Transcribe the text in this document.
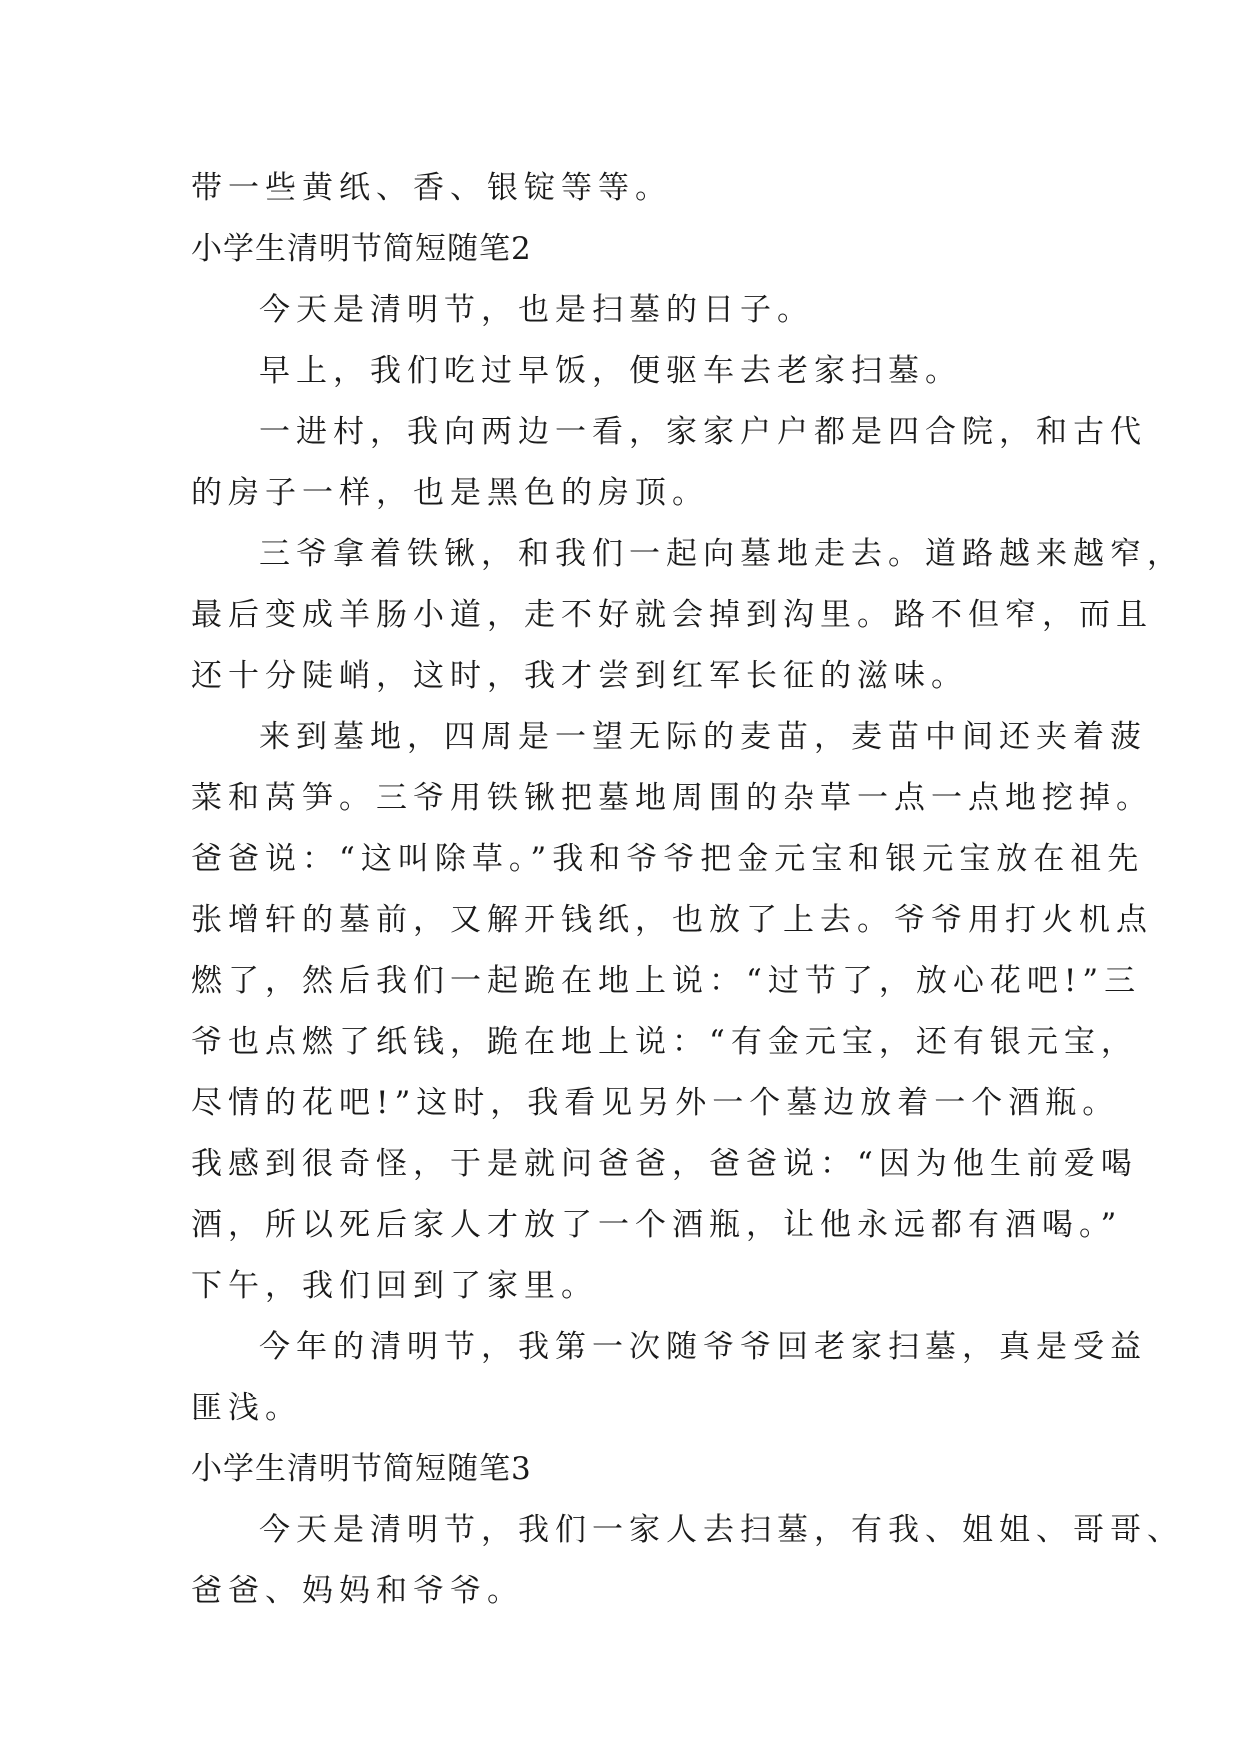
带一些黄纸、香、银锭等等。
小学生清明节简短随笔2
今天是清明节，也是扫墓的日子。
早上，我们吃过早饭，便驱车去老家扫墓。
一进村，我向两边一看，家家户户都是四合院，和古代
的房子一样，也是黑色的房顶。
三爷拿着铁锹，和我们一起向墓地走去。道路越来越窄，
最后变成羊肠小道，走不好就会掉到沟里。路不但窄，而且
还十分陡峭，这时，我才尝到红军长征的滋味。
来到墓地，四周是一望无际的麦苗，麦苗中间还夹着菠
菜和莴笋。三爷用铁锹把墓地周围的杂草一点一点地挖掉。
爸爸说：“这叫除草。”我和爷爷把金元宝和银元宝放在祖先
张增轩的墓前，又解开钱纸，也放了上去。爷爷用打火机点
燃了，然后我们一起跪在地上说：“过节了，放心花吧!”三
爷也点燃了纸钱，跪在地上说：“有金元宝，还有银元宝，
尽情的花吧!”这时，我看见另外一个墓边放着一个酒瓶。
我感到很奇怪，于是就问爸爸，爸爸说：“因为他生前爱喝
酒，所以死后家人才放了一个酒瓶，让他永远都有酒喝。”
下午，我们回到了家里。
今年的清明节，我第一次随爷爷回老家扫墓，真是受益
匪浅。
小学生清明节简短随笔3
今天是清明节，我们一家人去扫墓，有我、姐姐、哥哥、
爸爸、妈妈和爷爷。
